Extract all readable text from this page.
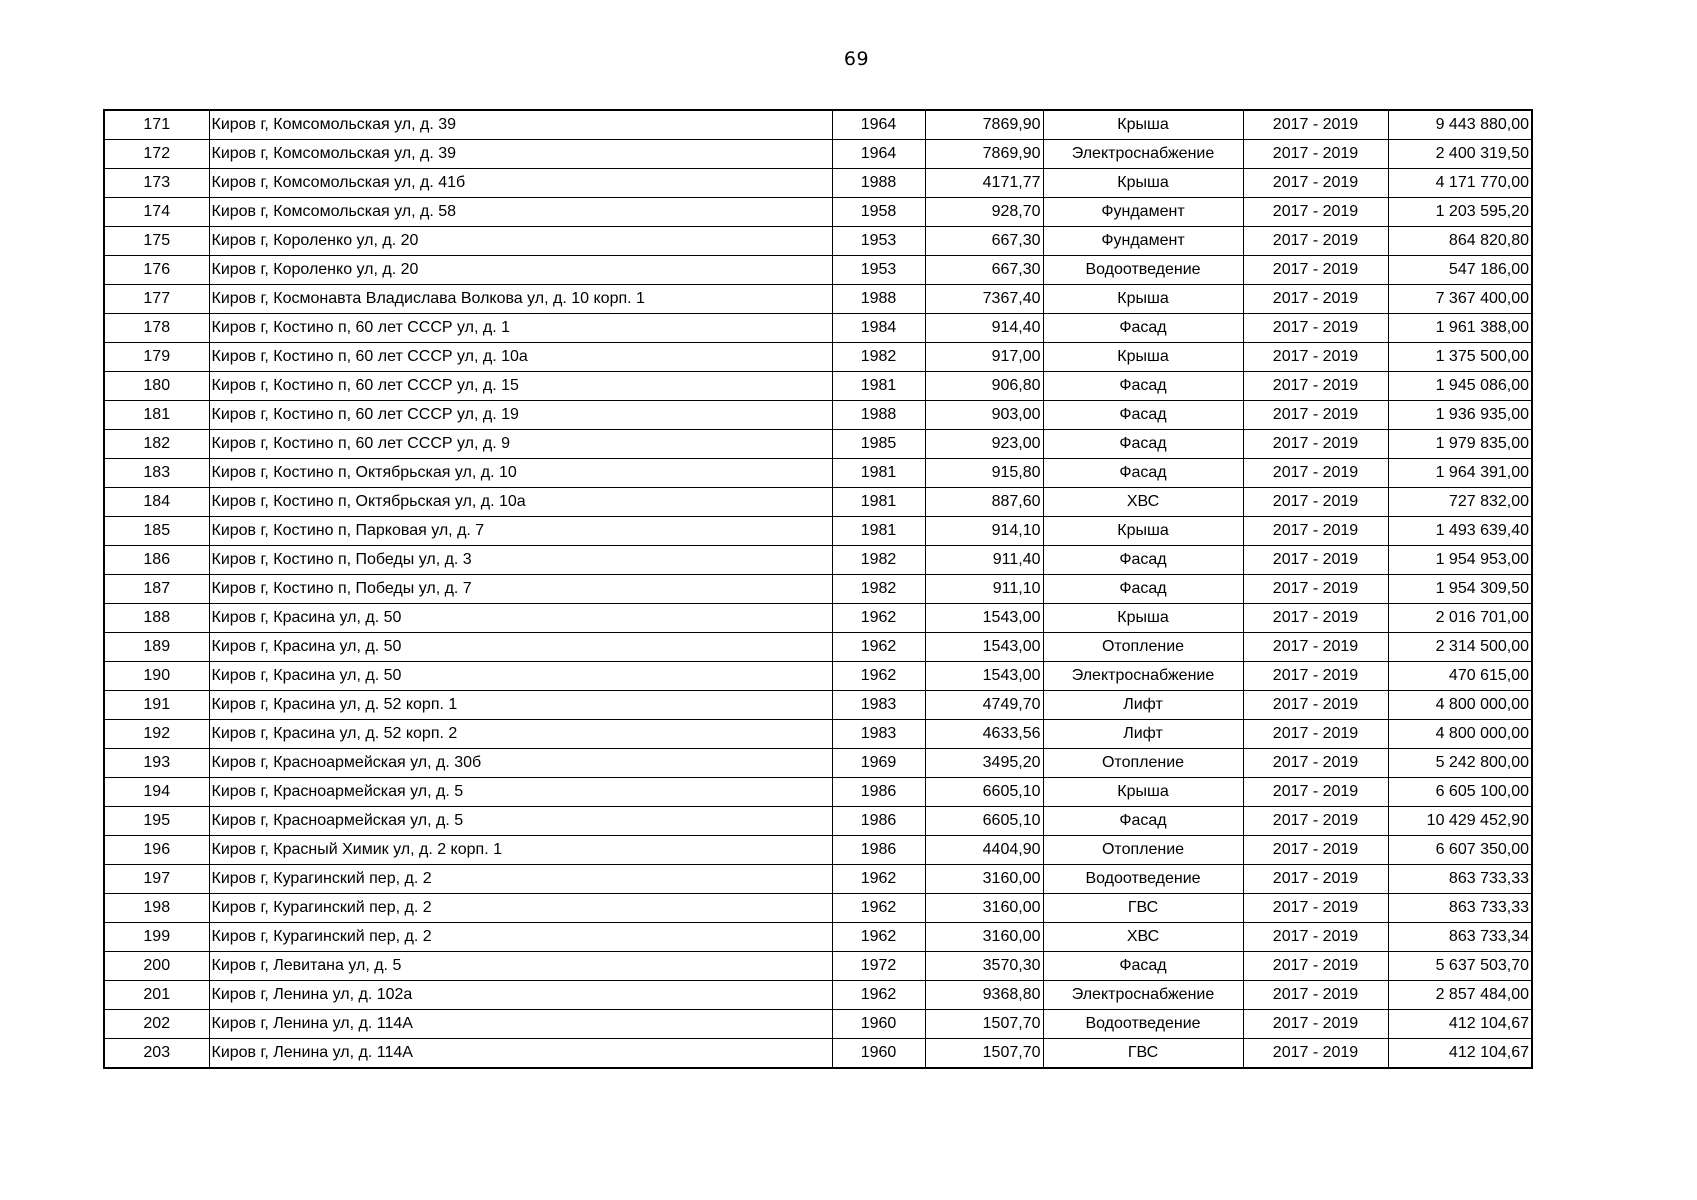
69
171	Киров г, Комсомольская ул, д. 39	1964	7869,90	Крыша	2017 - 2019	9 443 880,00
172	Киров г, Комсомольская ул, д. 39	1964	7869,90	Электроснабжение	2017 - 2019	2 400 319,50
173	Киров г, Комсомольская ул, д. 41б	1988	4171,77	Крыша	2017 - 2019	4 171 770,00
174	Киров г, Комсомольская ул, д. 58	1958	928,70	Фундамент	2017 - 2019	1 203 595,20
175	Киров г, Короленко ул, д. 20	1953	667,30	Фундамент	2017 - 2019	864 820,80
176	Киров г, Короленко ул, д. 20	1953	667,30	Водоотведение	2017 - 2019	547 186,00
177	Киров г, Космонавта Владислава Волкова ул, д. 10 корп. 1	1988	7367,40	Крыша	2017 - 2019	7 367 400,00
178	Киров г, Костино п, 60 лет СССР ул, д. 1	1984	914,40	Фасад	2017 - 2019	1 961 388,00
179	Киров г, Костино п, 60 лет СССР ул, д. 10а	1982	917,00	Крыша	2017 - 2019	1 375 500,00
180	Киров г, Костино п, 60 лет СССР ул, д. 15	1981	906,80	Фасад	2017 - 2019	1 945 086,00
181	Киров г, Костино п, 60 лет СССР ул, д. 19	1988	903,00	Фасад	2017 - 2019	1 936 935,00
182	Киров г, Костино п, 60 лет СССР ул, д. 9	1985	923,00	Фасад	2017 - 2019	1 979 835,00
183	Киров г, Костино п, Октябрьская ул, д. 10	1981	915,80	Фасад	2017 - 2019	1 964 391,00
184	Киров г, Костино п, Октябрьская ул, д. 10а	1981	887,60	ХВС	2017 - 2019	727 832,00
185	Киров г, Костино п, Парковая ул, д. 7	1981	914,10	Крыша	2017 - 2019	1 493 639,40
186	Киров г, Костино п, Победы ул, д. 3	1982	911,40	Фасад	2017 - 2019	1 954 953,00
187	Киров г, Костино п, Победы ул, д. 7	1982	911,10	Фасад	2017 - 2019	1 954 309,50
188	Киров г, Красина ул, д. 50	1962	1543,00	Крыша	2017 - 2019	2 016 701,00
189	Киров г, Красина ул, д. 50	1962	1543,00	Отопление	2017 - 2019	2 314 500,00
190	Киров г, Красина ул, д. 50	1962	1543,00	Электроснабжение	2017 - 2019	470 615,00
191	Киров г, Красина ул, д. 52 корп. 1	1983	4749,70	Лифт	2017 - 2019	4 800 000,00
192	Киров г, Красина ул, д. 52 корп. 2	1983	4633,56	Лифт	2017 - 2019	4 800 000,00
193	Киров г, Красноармейская ул, д. 30б	1969	3495,20	Отопление	2017 - 2019	5 242 800,00
194	Киров г, Красноармейская ул, д. 5	1986	6605,10	Крыша	2017 - 2019	6 605 100,00
195	Киров г, Красноармейская ул, д. 5	1986	6605,10	Фасад	2017 - 2019	10 429 452,90
196	Киров г, Красный Химик ул, д. 2 корп. 1	1986	4404,90	Отопление	2017 - 2019	6 607 350,00
197	Киров г, Курагинский пер, д. 2	1962	3160,00	Водоотведение	2017 - 2019	863 733,33
198	Киров г, Курагинский пер, д. 2	1962	3160,00	ГВС	2017 - 2019	863 733,33
199	Киров г, Курагинский пер, д. 2	1962	3160,00	ХВС	2017 - 2019	863 733,34
200	Киров г, Левитана ул, д. 5	1972	3570,30	Фасад	2017 - 2019	5 637 503,70
201	Киров г, Ленина ул, д. 102а	1962	9368,80	Электроснабжение	2017 - 2019	2 857 484,00
202	Киров г, Ленина ул, д. 114А	1960	1507,70	Водоотведение	2017 - 2019	412 104,67
203	Киров г, Ленина ул, д. 114А	1960	1507,70	ГВС	2017 - 2019	412 104,67
